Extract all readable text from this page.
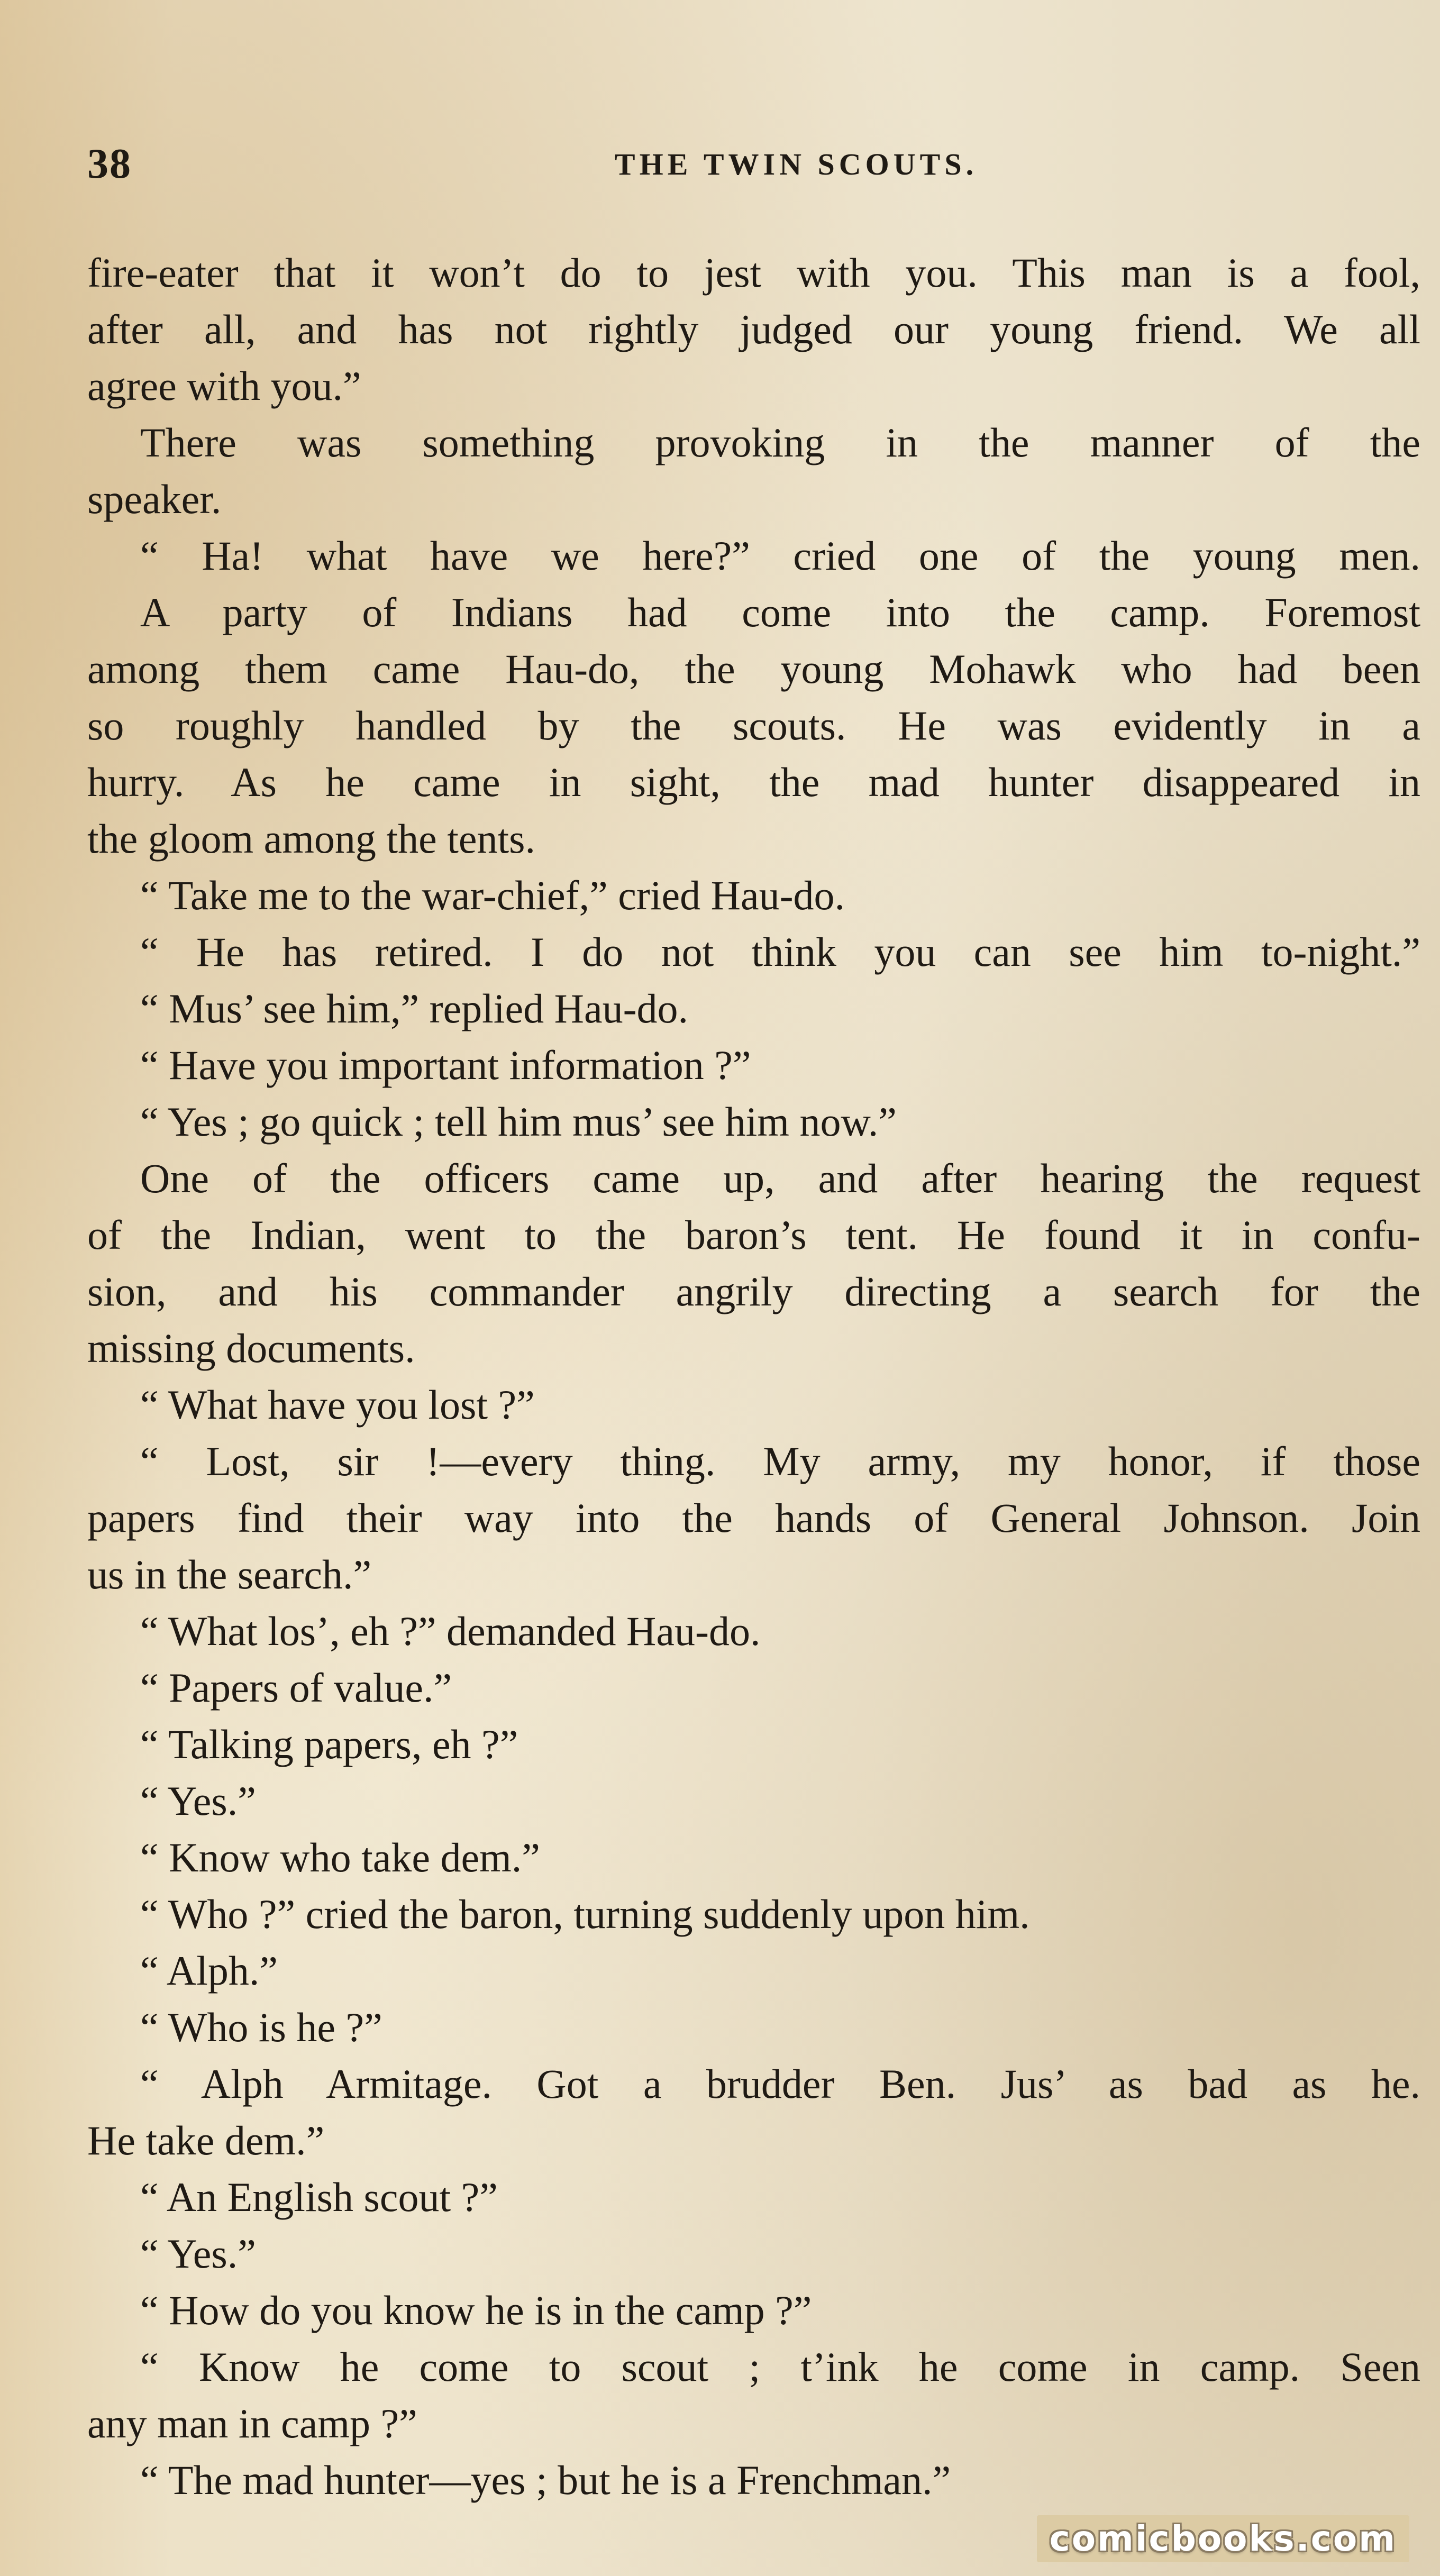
38	THE TWIN SCOUTS.
fire-eater that it won’t do to jest with you. This man is a fool,
after all, and has not rightly judged our young friend. We all
agree with you.”
There was something provoking in the manner of the
speaker.
“ Ha! what have we here?” cried one of the young men.
A party of Indians had come into the camp. Foremost
among them came Hau-do, the young Mohawk who had been
so roughly handled by the scouts. He was evidently in a
hurry. As he came in sight, the mad hunter disappeared in
the gloom among the tents.
“ Take me to the war-chief,” cried Hau-do.
“ He has retired. I do not think you can see him to-night.”
“ Mus’ see him,” replied Hau-do.
“ Have you important information ?”
“ Yes ; go quick ; tell him mus’ see him now.”
One of the officers came up, and after hearing the request
of the Indian, went to the baron’s tent. He found it in confu-
sion, and his commander angrily directing a search for the
missing documents.
“ What have you lost ?”
“ Lost, sir !—every thing. My army, my honor, if those
papers find their way into the hands of General Johnson. Join
us in the search.”
“ What los’, eh ?” demanded Hau-do.
“ Papers of value.”
“ Talking papers, eh ?”
“ Yes.”
“ Know who take dem.”
“ Who ?” cried the baron, turning suddenly upon him.
“ Alph.”
“ Who is he ?”
“ Alph Armitage. Got a brudder Ben. Jus’ as bad as he.
He take dem.”
“ An English scout ?”
“ Yes.”
“ How do you know he is in the camp ?”
“ Know he come to scout ; t’ink he come in camp. Seen
any man in camp ?”
“ The mad hunter—yes ; but he is a Frenchman.”
comicbooks.com
